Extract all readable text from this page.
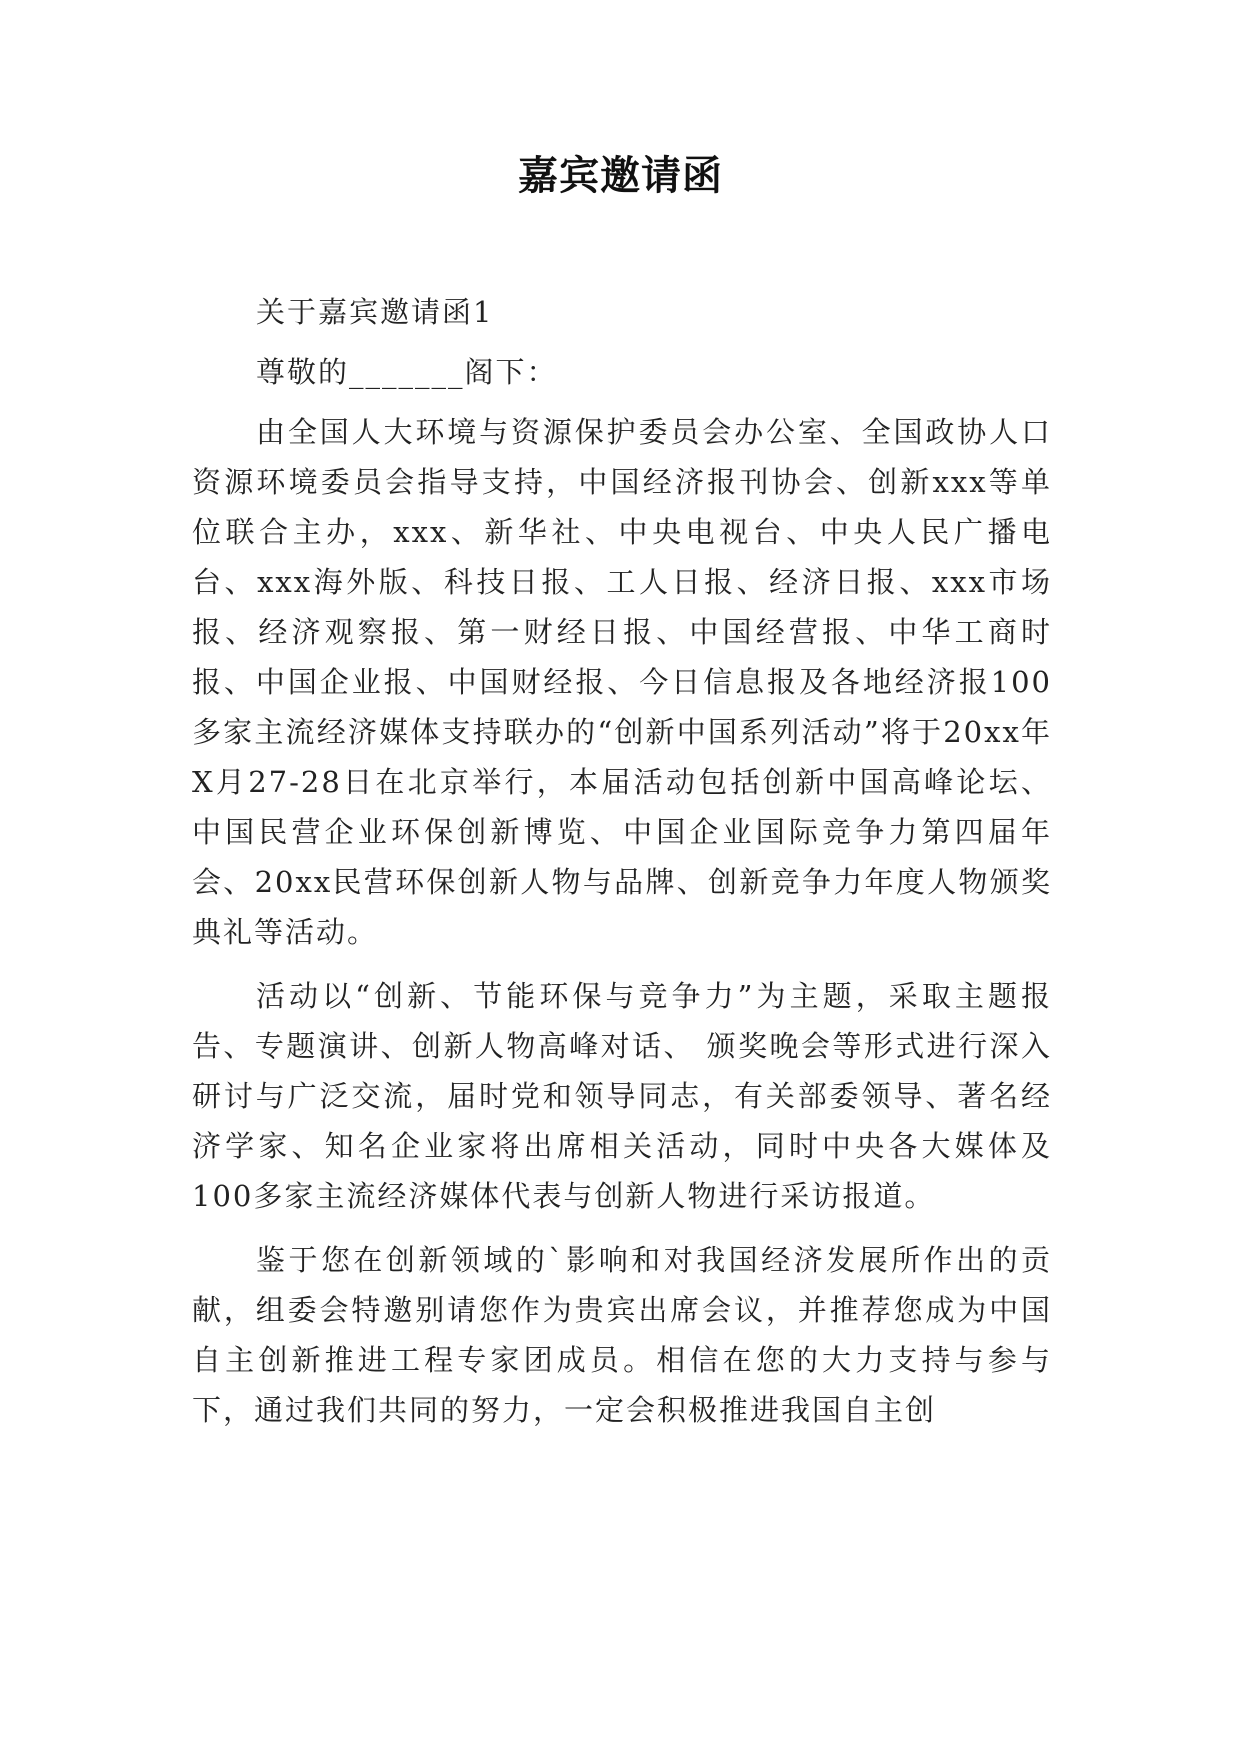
嘉宾邀请函

关于嘉宾邀请函1

尊敬的_______阁下：

由全国人大环境与资源保护委员会办公室、全国政协人口资源环境委员会指导支持，中国经济报刊协会、创新xxx等单位联合主办，xxx、新华社、中央电视台、中央人民广播电台、xxx海外版、科技日报、工人日报、经济日报、xxx市场报、经济观察报、第一财经日报、中国经营报、中华工商时报、中国企业报、中国财经报、今日信息报及各地经济报100多家主流经济媒体支持联办的“创新中国系列活动”将于20xx年X月27-28日在北京举行，本届活动包括创新中国高峰论坛、中国民营企业环保创新博览、中国企业国际竞争力第四届年会、20xx民营环保创新人物与品牌、创新竞争力年度人物颁奖典礼等活动。

活动以“创新、节能环保与竞争力”为主题，采取主题报告、专题演讲、创新人物高峰对话、 颁奖晚会等形式进行深入研讨与广泛交流，届时党和领导同志，有关部委领导、著名经济学家、知名企业家将出席相关活动，同时中央各大媒体及100多家主流经济媒体代表与创新人物进行采访报道。

鉴于您在创新领域的`影响和对我国经济发展所作出的贡献，组委会特邀别请您作为贵宾出席会议，并推荐您成为中国自主创新推进工程专家团成员。相信在您的大力支持与参与下，通过我们共同的努力，一定会积极推进我国自主创
